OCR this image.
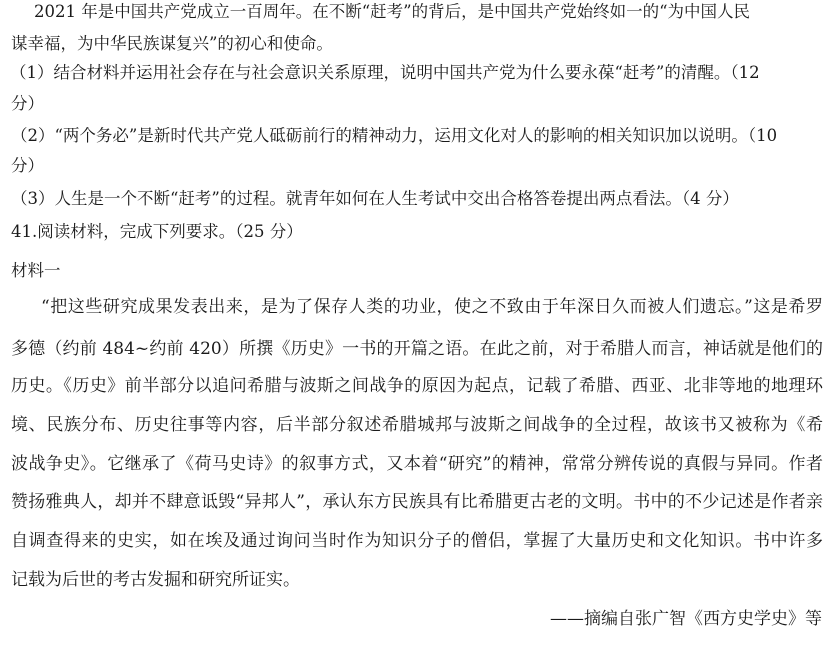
2021 年是中国共产党成立一百周年。在不断“赶考”的背后，是中国共产党始终如一的“为中国人民
谋幸福，为中华民族谋复兴”的初心和使命。
（1）结合材料并运用社会存在与社会意识关系原理，说明中国共产党为什么要永葆“赶考”的清醒。（12
分）
（2）“两个务必”是新时代共产党人砥砺前行的精神动力，运用文化对人的影响的相关知识加以说明。（10
分）
（3）人生是一个不断“赶考”的过程。就青年如何在人生考试中交出合格答卷提出两点看法。（4 分）
41.阅读材料，完成下列要求。（25 分）
材料一
“把这些研究成果发表出来，是为了保存人类的功业，使之不致由于年深日久而被人们遗忘。”这是希罗
多德（约前 484~约前 420）所撰《历史》一书的开篇之语。在此之前，对于希腊人而言，神话就是他们的
历史。《历史》前半部分以追问希腊与波斯之间战争的原因为起点，记载了希腊、西亚、北非等地的地理环
境、民族分布、历史往事等内容，后半部分叙述希腊城邦与波斯之间战争的全过程，故该书又被称为《希
波战争史》。它继承了《荷马史诗》的叙事方式，又本着“研究”的精神，常常分辨传说的真假与异同。作者
赞扬雅典人，却并不肆意诋毁“异邦人”，承认东方民族具有比希腊更古老的文明。书中的不少记述是作者亲
自调查得来的史实，如在埃及通过询问当时作为知识分子的僧侣，掌握了大量历史和文化知识。书中许多
记载为后世的考古发掘和研究所证实。
——摘编自张广智《西方史学史》等
